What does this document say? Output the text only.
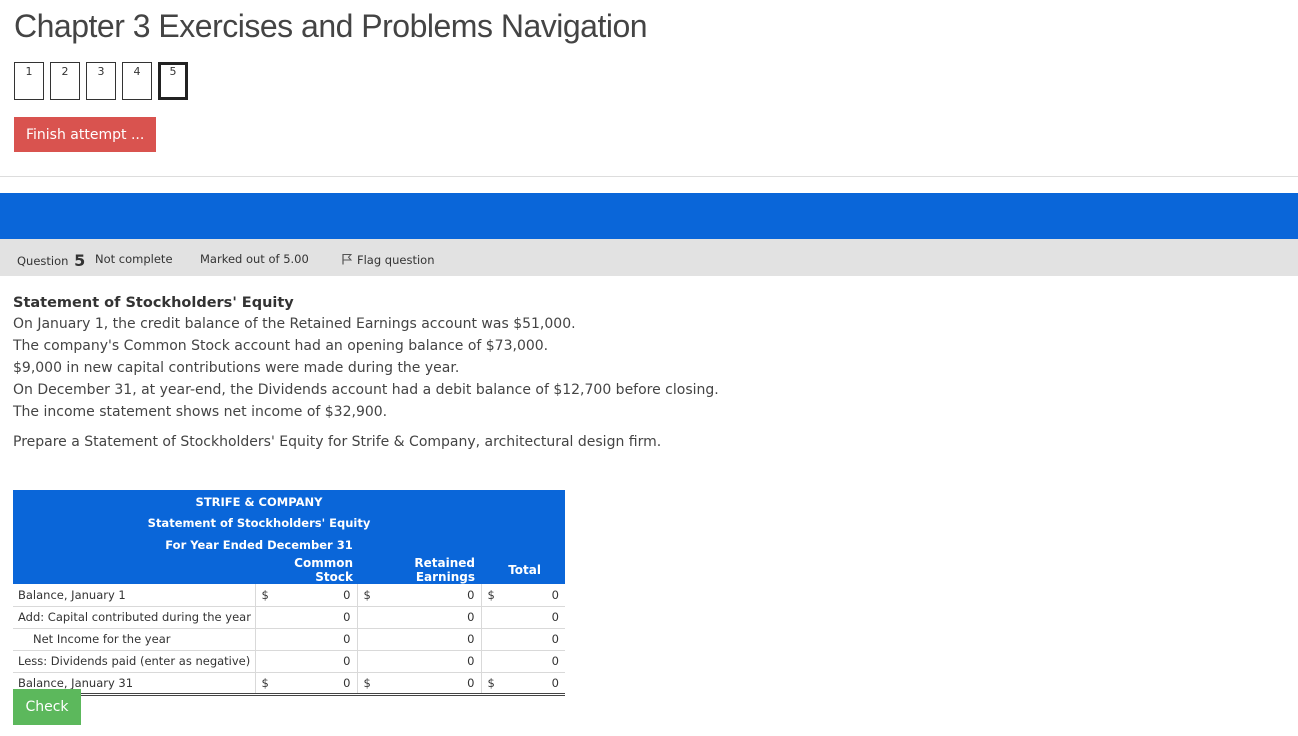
Chapter 3 Exercises and Problems Navigation
1	2	3	4	5
Finish attempt ...
Question 5 Not complete Marked out of 5.00	Flag question
Statement of Stockholders' Equity
On January 1, the credit balance of the Retained Earnings account was $51,000.
The company's Common Stock account had an opening balance of $73,000.
$9,000 in new capital contributions were made during the year.
On December 31, at year-end, the Dividends account had a debit balance of $12,700 before closing.
The income statement shows net income of $32,900.
Prepare a Statement of Stockholders' Equity for Strife & Company, architectural design firm.
STRIFE & COMPANY					
Statement of Stockholders' Equity					
For Year Ended December 31					
	Common Stock		Retained Earnings		Total
Balance, January 1	$	0	$	0	$ 0
Add: Capital contributed during the year		0		0	0
Net Income for the year		0		0	0
Less: Dividends paid (enter as negative)		0		0	0
Balance, January 31	$	0	$	0	$ 0
Check
